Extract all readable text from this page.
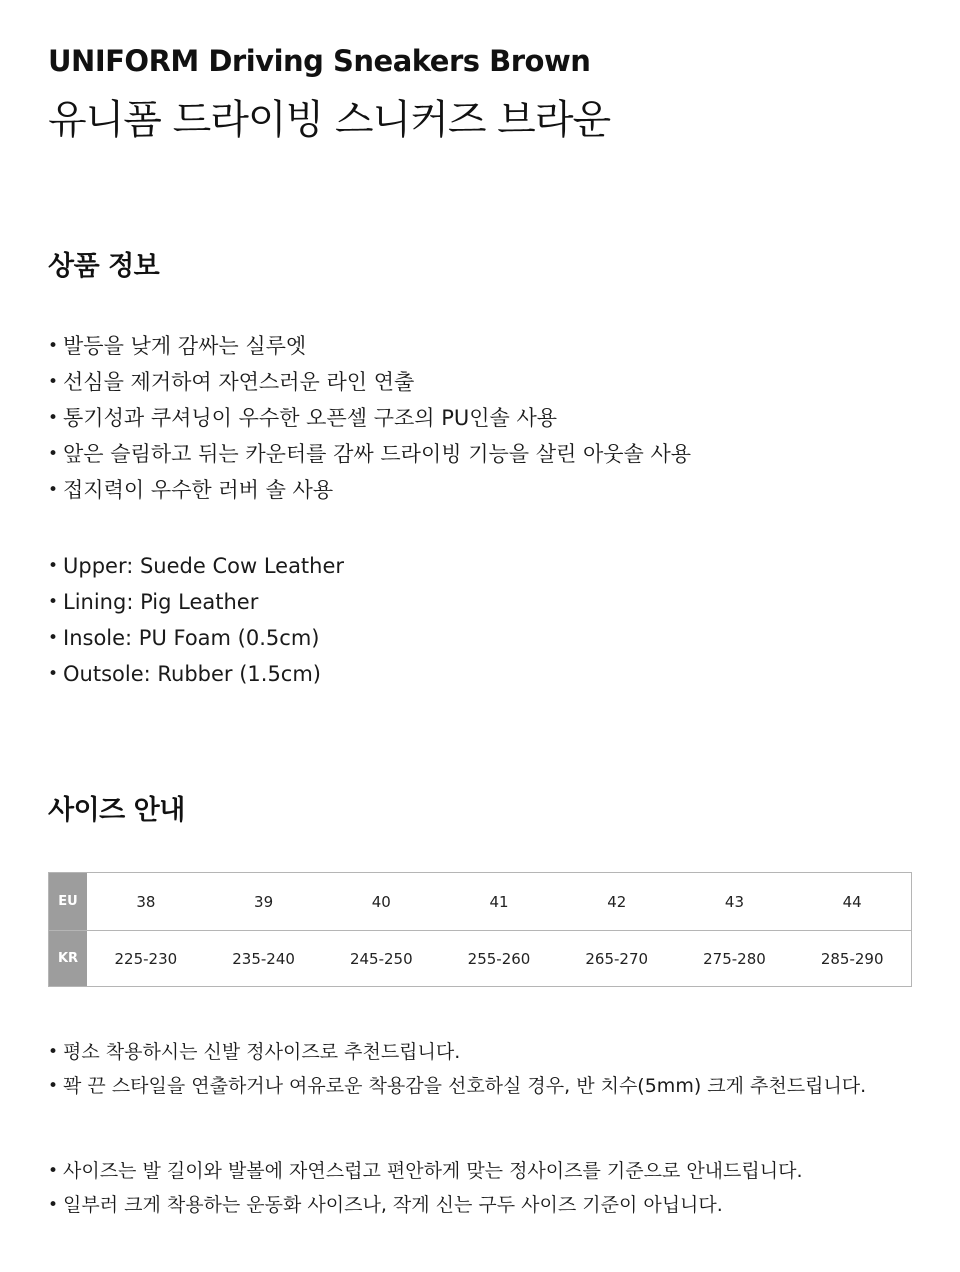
UNIFORM Driving Sneakers Brown
유니폼 드라이빙 스니커즈 브라운
상품 정보
• 발등을 낮게 감싸는 실루엣
• 선심을 제거하여 자연스러운 라인 연출
• 통기성과 쿠셔닝이 우수한 오픈셀 구조의 PU인솔 사용
• 앞은 슬림하고 뒤는 카운터를 감싸 드라이빙 기능을 살린 아웃솔 사용
• 접지력이 우수한 러버 솔 사용
• Upper: Suede Cow Leather
• Lining: Pig Leather
• Insole: PU Foam (0.5cm)
• Outsole: Rubber (1.5cm)
사이즈 안내
EU	38	39	40	41	42	43	44
KR	225-230	235-240	245-250	255-260	265-270	275-280	285-290
• 평소 착용하시는 신발 정사이즈로 추천드립니다.
• 꽉 끈 스타일을 연출하거나 여유로운 착용감을 선호하실 경우, 반 치수(5mm) 크게 추천드립니다.
• 사이즈는 발 길이와 발볼에 자연스럽고 편안하게 맞는 정사이즈를 기준으로 안내드립니다.
• 일부러 크게 착용하는 운동화 사이즈나, 작게 신는 구두 사이즈 기준이 아닙니다.
